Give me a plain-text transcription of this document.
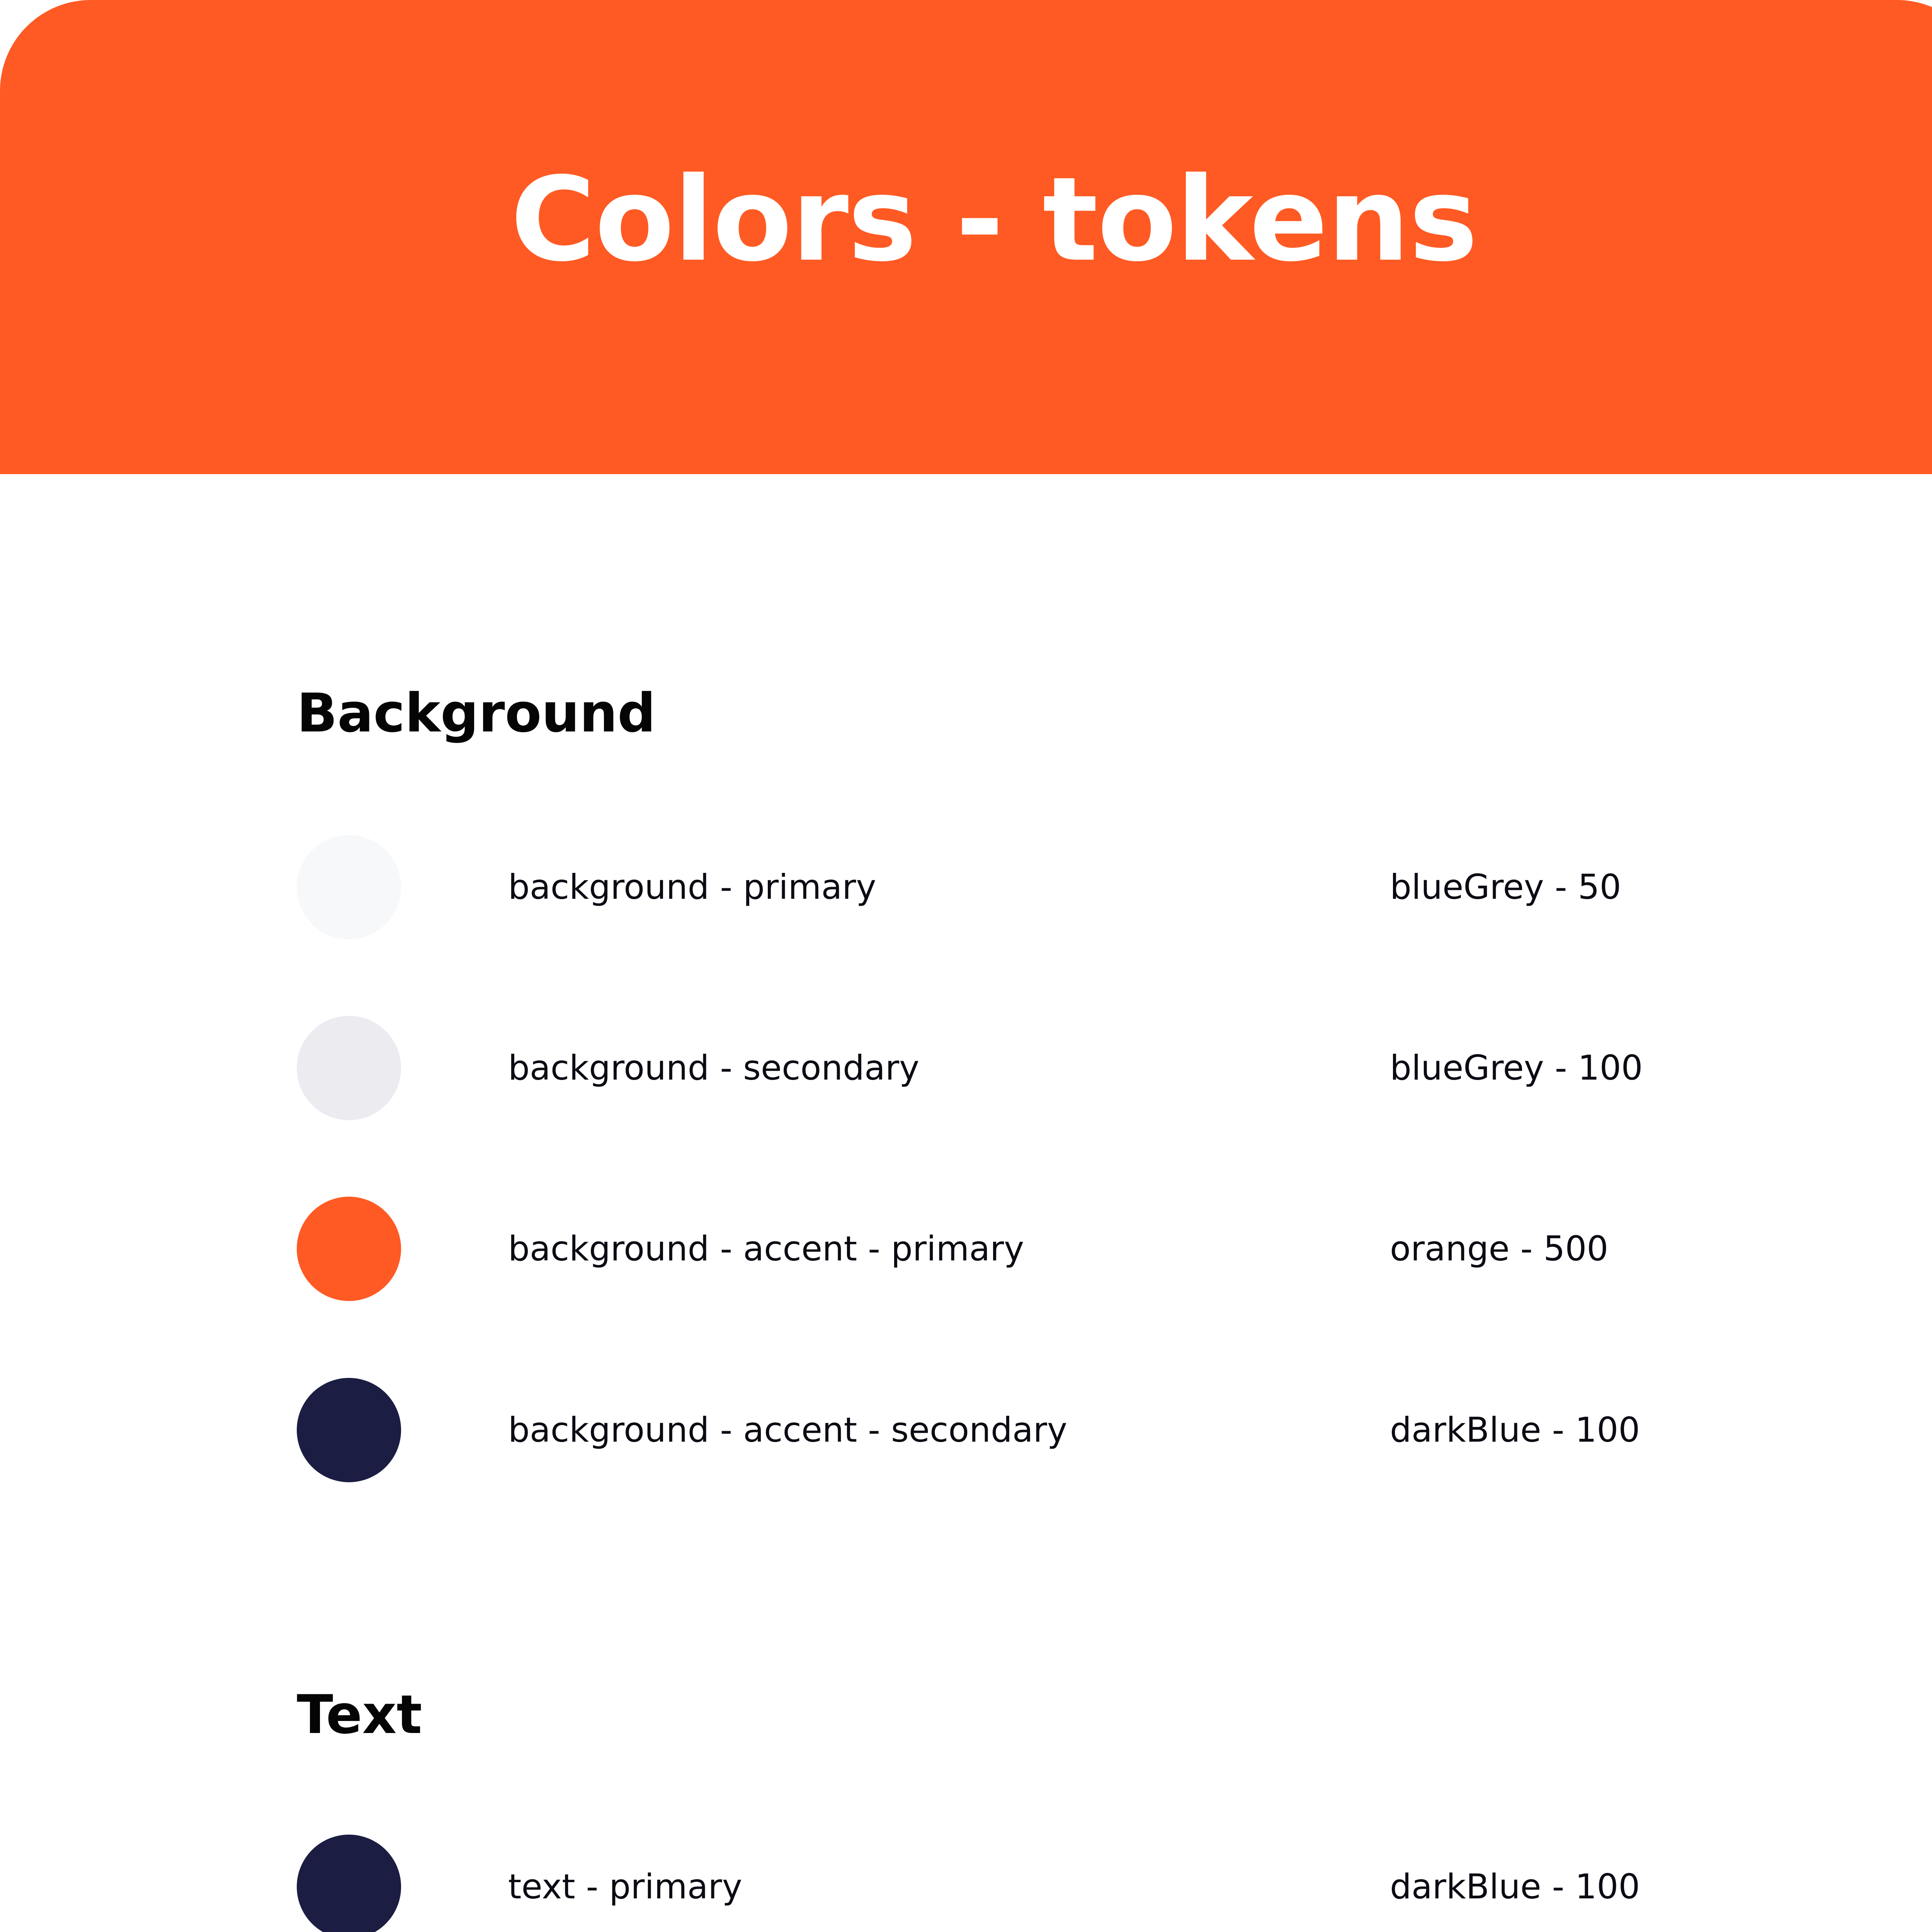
Colors - tokens
Background
background - primary	blueGrey - 50
background - secondary	blueGrey - 100
background - accent - primary	orange - 500
background - accent - secondary	darkBlue - 100
Text
text - primary	darkBlue - 100
